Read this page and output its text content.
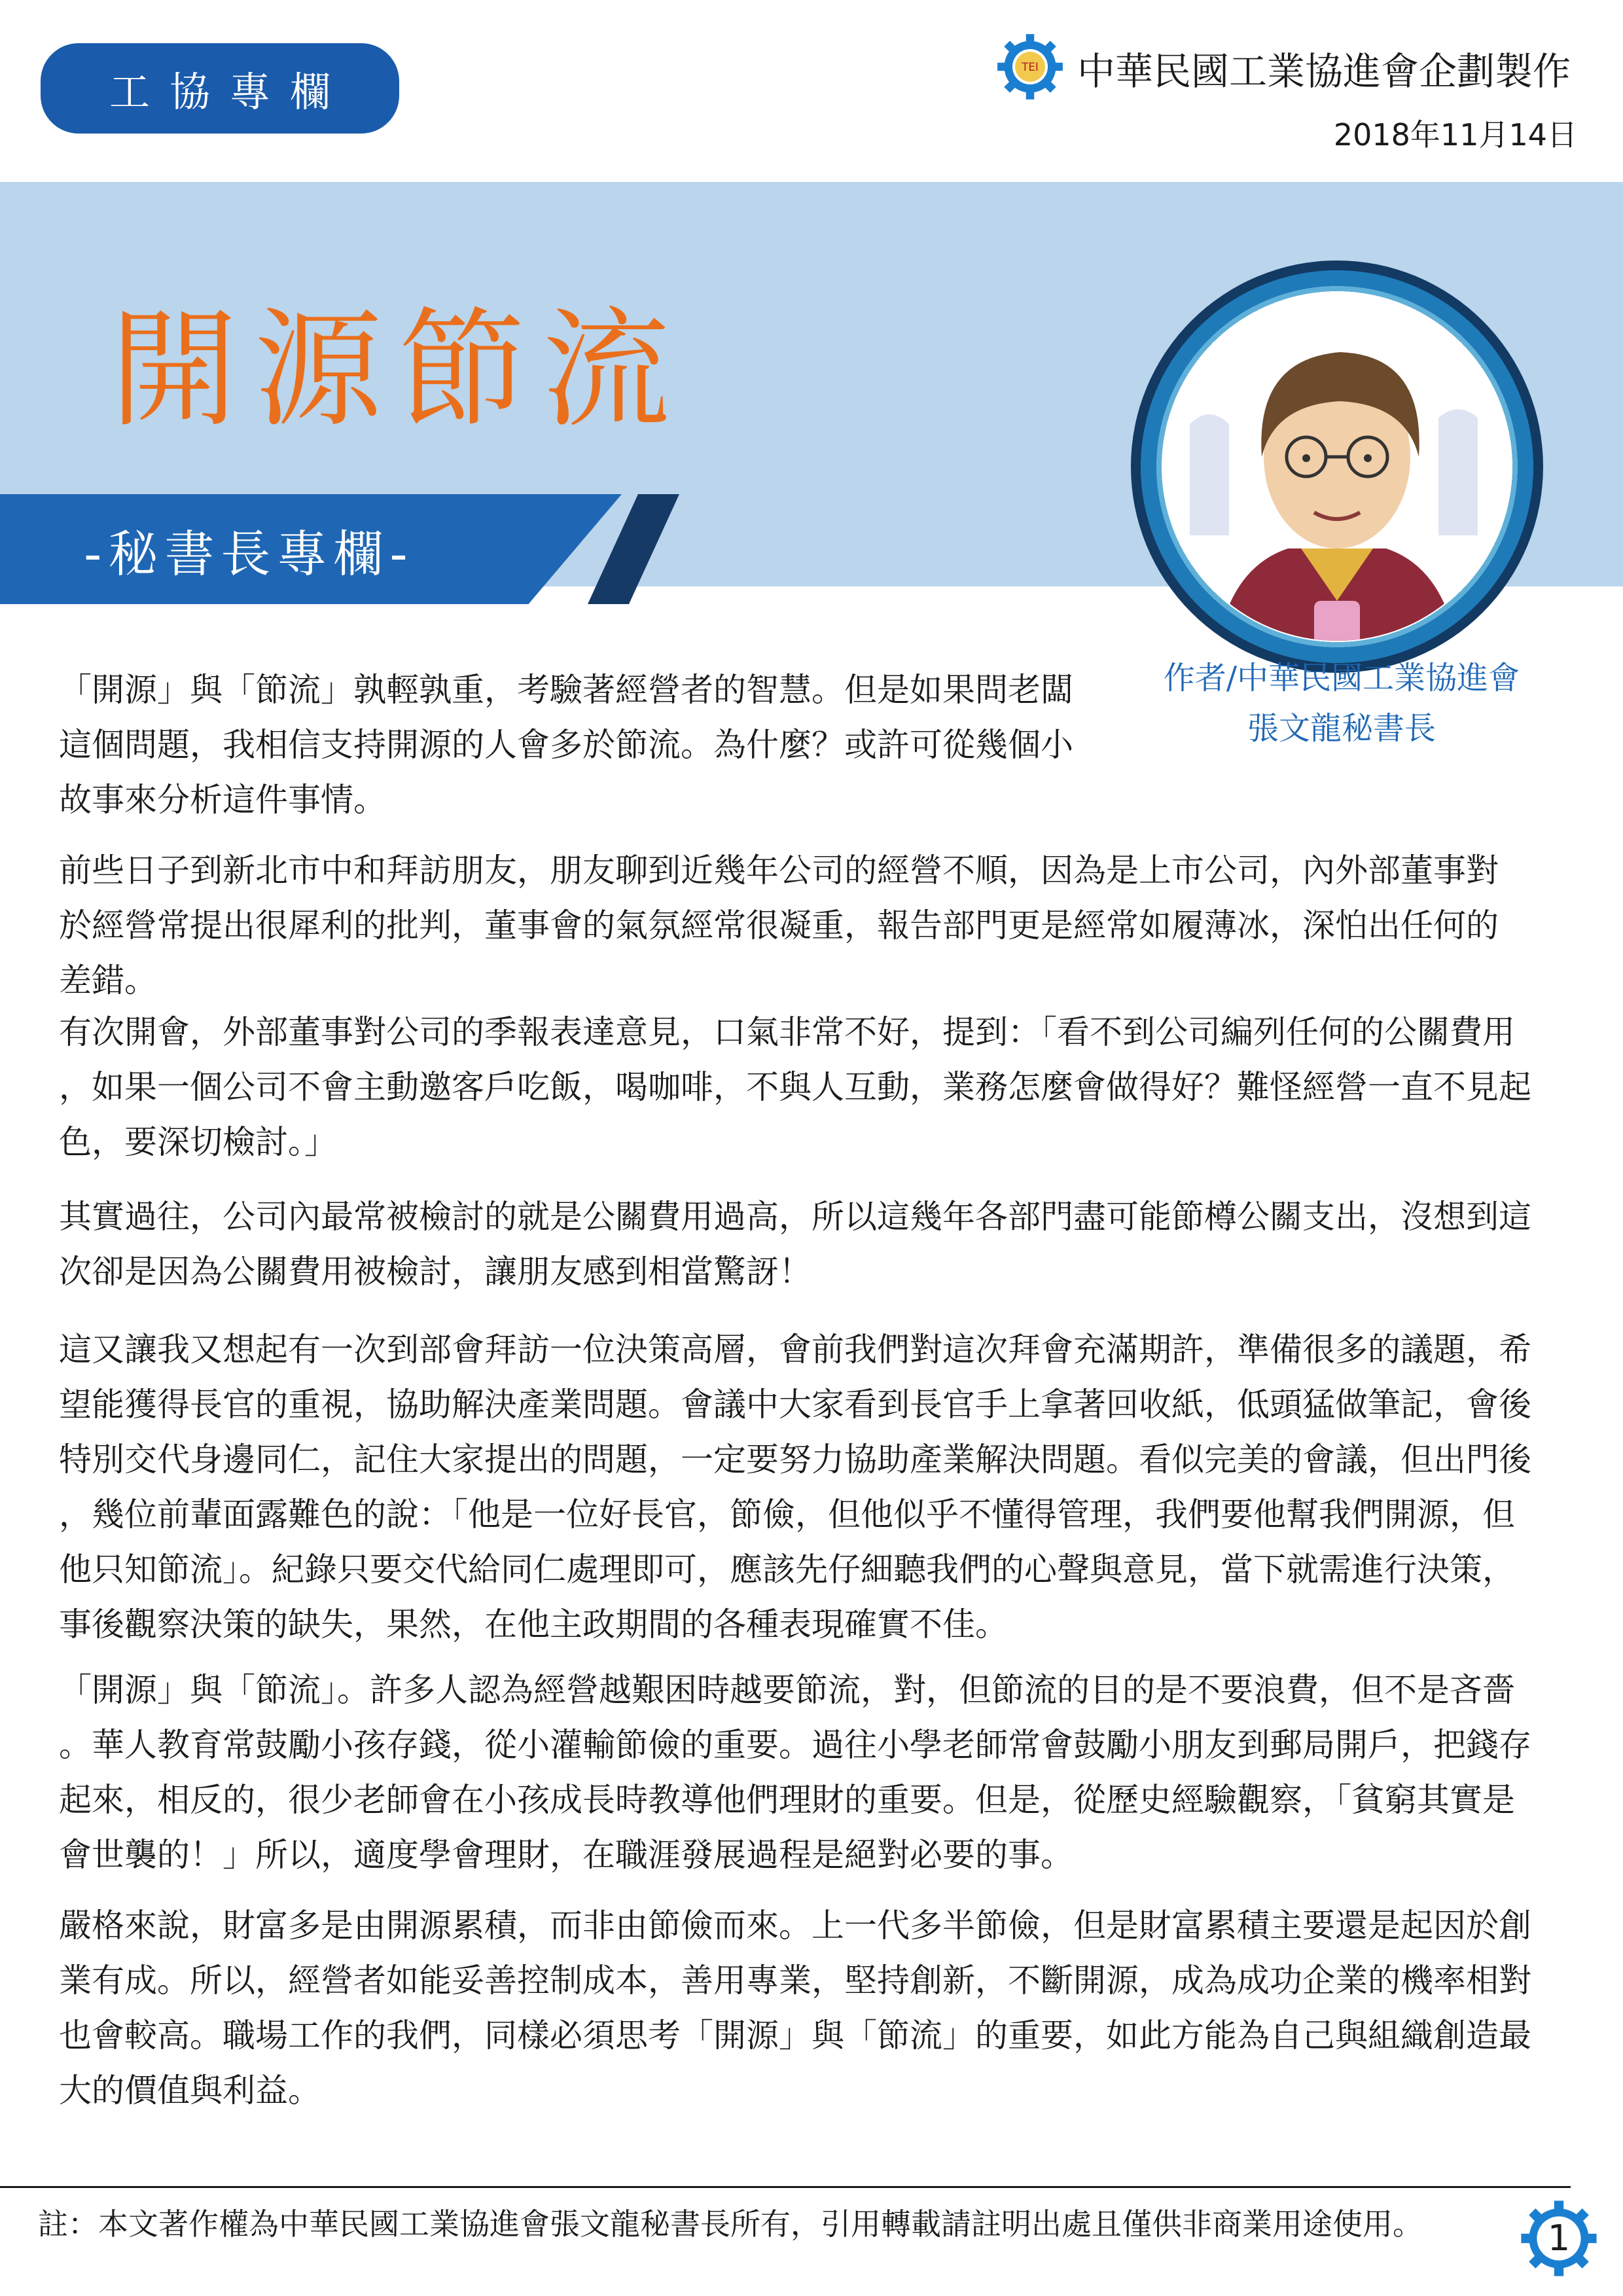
工協專欄
TEI 中華民國工業協進會企劃製作
2018年11月14日
開源節流
-秘書長專欄-
作者/中華民國工業協進會
張文龍秘書長

「開源」與「節流」孰輕孰重，考驗著經營者的智慧。但是如果問老闆
這個問題，我相信支持開源的人會多於節流。為什麼？或許可從幾個小
故事來分析這件事情。

前些日子到新北市中和拜訪朋友，朋友聊到近幾年公司的經營不順，因為是上市公司，內外部董事對
於經營常提出很犀利的批判，董事會的氣氛經常很凝重，報告部門更是經常如履薄冰，深怕出任何的
差錯。

有次開會，外部董事對公司的季報表達意見，口氣非常不好，提到：「看不到公司編列任何的公關費用
，如果一個公司不會主動邀客戶吃飯，喝咖啡，不與人互動，業務怎麼會做得好？難怪經營一直不見起
色，要深切檢討。」

其實過往，公司內最常被檢討的就是公關費用過高，所以這幾年各部門盡可能節樽公關支出，沒想到這
次卻是因為公關費用被檢討，讓朋友感到相當驚訝！

這又讓我又想起有一次到部會拜訪一位決策高層，會前我們對這次拜會充滿期許，準備很多的議題，希
望能獲得長官的重視，協助解決產業問題。會議中大家看到長官手上拿著回收紙，低頭猛做筆記，會後
特別交代身邊同仁，記住大家提出的問題，一定要努力協助產業解決問題。看似完美的會議，但出門後
，幾位前輩面露難色的說：「他是一位好長官，節儉，但他似乎不懂得管理，我們要他幫我們開源，但
他只知節流」。紀錄只要交代給同仁處理即可，應該先仔細聽我們的心聲與意見，當下就需進行決策，
事後觀察決策的缺失，果然，在他主政期間的各種表現確實不佳。

「開源」與「節流」。許多人認為經營越艱困時越要節流，對，但節流的目的是不要浪費，但不是吝嗇
。華人教育常鼓勵小孩存錢，從小灌輸節儉的重要。過往小學老師常會鼓勵小朋友到郵局開戶，把錢存
起來，相反的，很少老師會在小孩成長時教導他們理財的重要。但是，從歷史經驗觀察，「貧窮其實是
會世襲的！」所以，適度學會理財，在職涯發展過程是絕對必要的事。

嚴格來說，財富多是由開源累積，而非由節儉而來。上一代多半節儉，但是財富累積主要還是起因於創
業有成。所以，經營者如能妥善控制成本，善用專業，堅持創新，不斷開源，成為成功企業的機率相對
也會較高。職場工作的我們，同樣必須思考「開源」與「節流」的重要，如此方能為自己與組織創造最
大的價值與利益。

註：本文著作權為中華民國工業協進會張文龍秘書長所有，引用轉載請註明出處且僅供非商業用途使用。	1
